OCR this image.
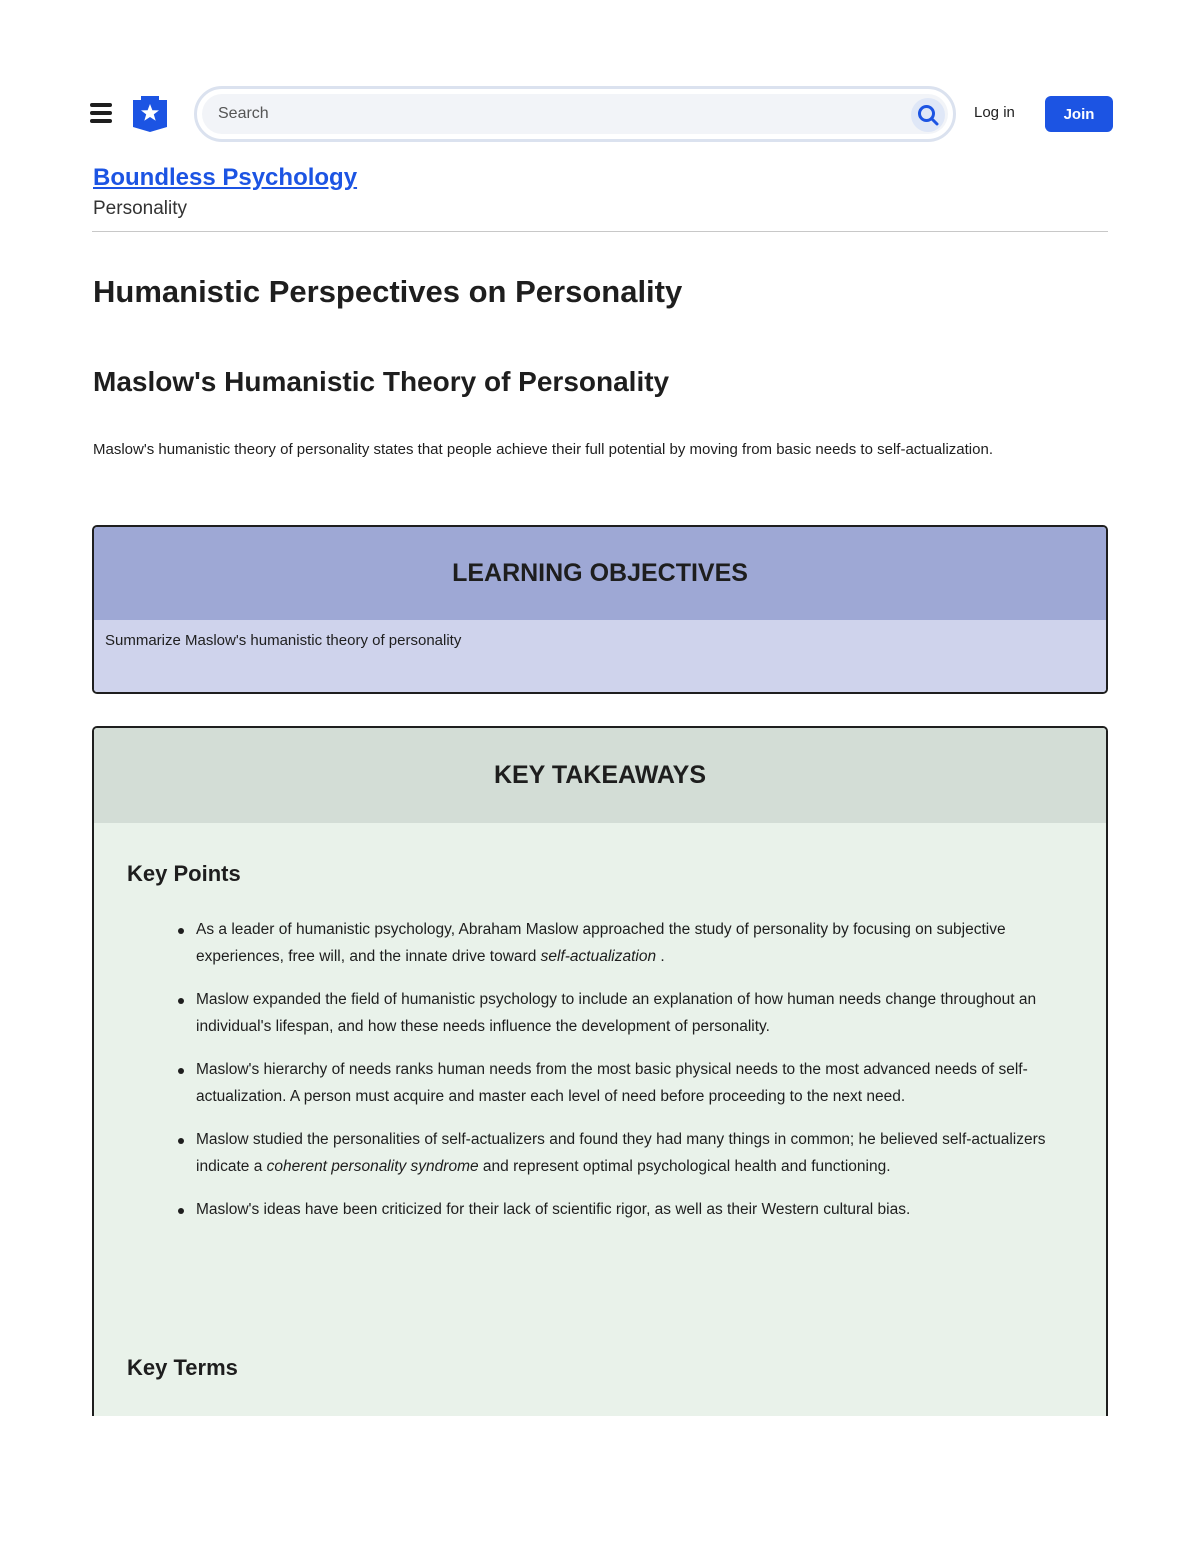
Search
Log in	Join
Boundless Psychology
Personality
Humanistic Perspectives on Personality
Maslow's Humanistic Theory of Personality
Maslow's humanistic theory of personality states that people achieve their full potential by moving from basic needs to self-actualization.
LEARNING OBJECTIVES
Summarize Maslow's humanistic theory of personality
KEY TAKEAWAYS
Key Points
As a leader of humanistic psychology, Abraham Maslow approached the study of personality by focusing on subjective experiences, free will, and the innate drive toward self-actualization .
Maslow expanded the field of humanistic psychology to include an explanation of how human needs change throughout an individual's lifespan, and how these needs influence the development of personality.
Maslow's hierarchy of needs ranks human needs from the most basic physical needs to the most advanced needs of self-actualization. A person must acquire and master each level of need before proceeding to the next need.
Maslow studied the personalities of self-actualizers and found they had many things in common; he believed self-actualizers indicate a coherent personality syndrome and represent optimal psychological health and functioning.
Maslow's ideas have been criticized for their lack of scientific rigor, as well as their Western cultural bias.
Key Terms
